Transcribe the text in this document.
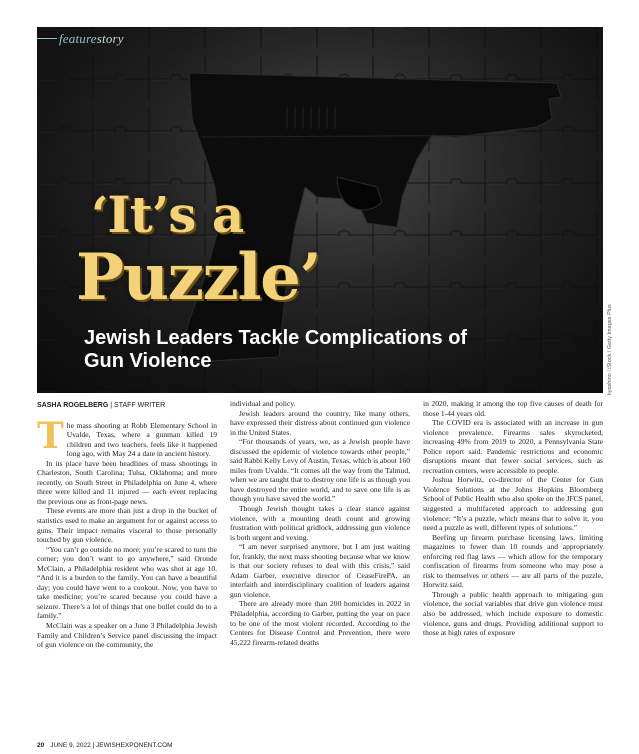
featurestory
‘It’s a
Puzzle’
Jewish Leaders Tackle Complications of Gun Violence	kyoshino / iStock / Getty Images Plus
SASHA ROGELBERG | STAFF WRITER

The mass shooting at Robb Elementary School in Uvalde, Texas, where a gunman killed 19 children and two teachers, feels like it happened long ago, with May 24 a date in ancient history.

In its place have been headlines of mass shootings in Charleston, South Carolina; Tulsa, Oklahoma; and more recently, on South Street in Philadelphia on June 4, where three were killed and 11 injured — each event replacing the previous one as front-page news.

These events are more than just a drop in the bucket of statistics used to make an argument for or against access to guns. Their impact remains visceral to those personally touched by gun violence.

“You can’t go outside no more; you’re scared to turn the corner; you don’t want to go anywhere,” said Oronde McClain, a Philadelphia resident who was shot at age 10. “And it is a burden to the family. You can have a beautiful day; you could have went to a cookout. Now, you have to take medicine; you’re scared because you could have a seizure. There’s a lot of things that one bullet could do to a family.”

McClain was a speaker on a June 3 Philadelphia Jewish Family and Children’s Service panel discussing the impact of gun violence on the community, the

individual and policy.

Jewish leaders around the country, like many others, have expressed their distress about continued gun violence in the United States.

“For thousands of years, we, as a Jewish people have discussed the epidemic of violence towards other people,” said Rabbi Kelly Levy of Austin, Texas, which is about 160 miles from Uvalde. “It comes all the way from the Talmud, when we are taught that to destroy one life is as though you have destroyed the entire world, and to save one life is as though you have saved the world.”

Though Jewish thought takes a clear stance against violence, with a mounting death count and growing frustration with political gridlock, addressing gun violence is both urgent and vexing.

“I am never surprised anymore, but I am just waiting for, frankly, the next mass shooting because what we know is that our society refuses to deal with this crisis,” said Adam Garber, executive director of CeaseFirePA, an interfaith and interdisciplinary coalition of leaders against gun violence.

There are already more than 200 homicides in 2022 in Philadelphia, according to Garber, putting the year on pace to be one of the most violent recorded. According to the Centers for Disease Control and Prevention, there were 45,222 firearm-related deaths

in 2020, making it among the top five causes of death for those 1-44 years old.

The COVID era is associated with an increase in gun violence prevalence. Firearms sales skyrocketed, increasing 49% from 2019 to 2020, a Pennsylvania State Police report said. Pandemic restrictions and economic disruptions meant that fewer social services, such as recreation centers, were accessible to people.

Joshua Horwitz, co-director of the Center for Gun Violence Solutions at the Johns Hopkins Bloomberg School of Public Health who also spoke on the JFCS panel, suggested a multifaceted approach to addressing gun violence: “It’s a puzzle, which means that to solve it, you need a puzzle as well, different types of solutions.”

Beefing up firearm purchase licensing laws, limiting magazines to fewer than 10 rounds and appropriately enforcing red flag laws — which allow for the temporary confiscation of firearms from someone who may pose a risk to themselves or others — are all parts of the puzzle, Horwitz said.

Through a public health approach to mitigating gun violence, the social variables that drive gun violence must also be addressed, which include exposure to domestic violence, guns and drugs. Providing additional support to those at high rates of exposure

20 JUNE 9, 2022 | JEWISHEXPONENT.COM
